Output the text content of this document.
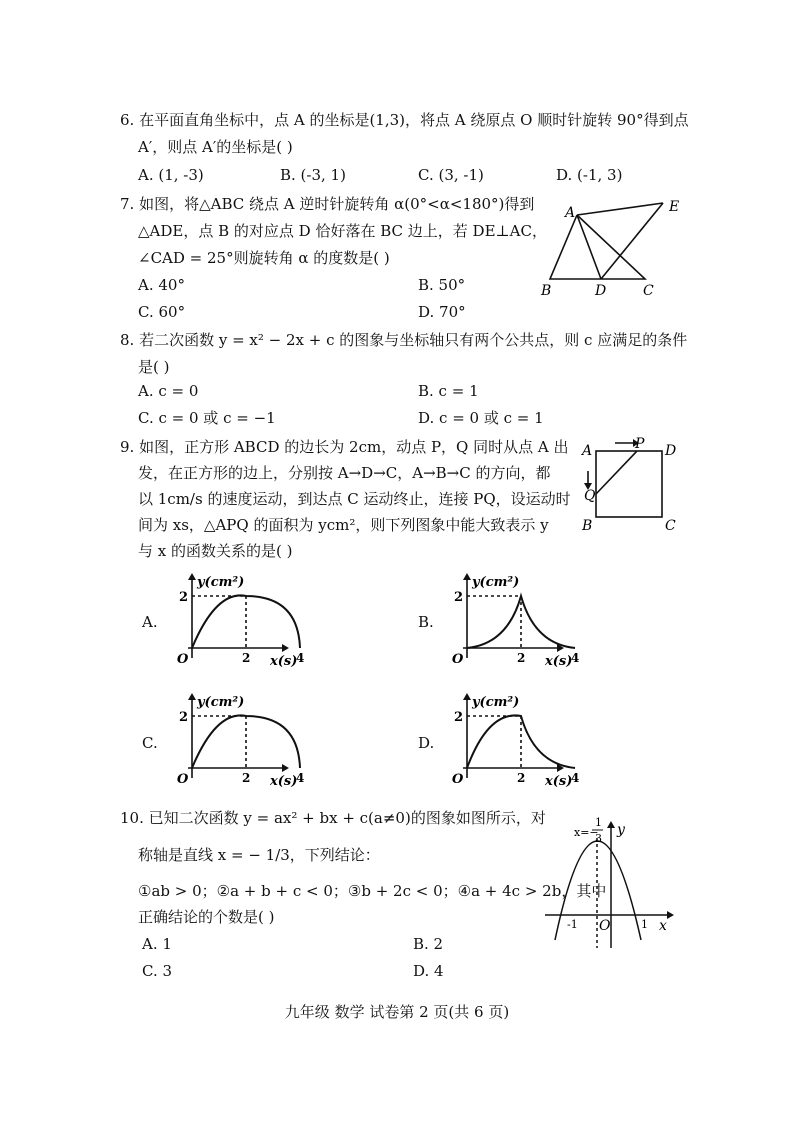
6. 在平面直角坐标中，点 A 的坐标是(1,3)，将点 A 绕原点 O 顺时针旋转 90°得到点
A′，则点 A′的坐标是( )
A. (1, -3)	B. (-3, 1)	C. (3, -1)	D. (-1, 3)
7. 如图，将△ABC 绕点 A 逆时针旋转角 α(0°<α<180°)得到
△ADE，点 B 的对应点 D 恰好落在 BC 边上，若 DE⊥AC，
∠CAD = 25°则旋转角 α 的度数是( )
A. 40°	B. 50°
C. 60°	D. 70°
A	E
B	D	C
8. 若二次函数 y = x² − 2x + c 的图象与坐标轴只有两个公共点，则 c 应满足的条件
是( )
A. c = 0	B. c = 1
C. c = 0 或 c = −1	D. c = 0 或 c = 1
9. 如图，正方形 ABCD 的边长为 2cm，动点 P，Q 同时从点 A 出
发，在正方形的边上，分别按 A→D→C，A→B→C 的方向，都
以 1cm/s 的速度运动，到达点 C 运动终止，连接 PQ，设运动时
间为 xs，△APQ 的面积为 ycm²，则下列图象中能大致表示 y
与 x 的函数关系的是( )
A	P D
Q
B	C
A.	B.
C.	D.
y(cm²)
x(s)
O
2
2	4
y(cm²)
x(s)
O
2
2	4
y(cm²)
x(s)
O
2
2	4
y(cm²)
x(s)
O
2
2	4
10. 已知二次函数 y = ax² + bx + c(a≠0)的图象如图所示，对
称轴是直线 x = − 1/3，下列结论：
①ab > 0；②a + b + c < 0；③b + 2c < 0；④a + 4c > 2b，其中
正确结论的个数是( )
A. 1	B. 2
C. 3	D. 4
x=−
1
3
y
x
-1 O	1
九年级 数学 试卷第 2 页(共 6 页)
